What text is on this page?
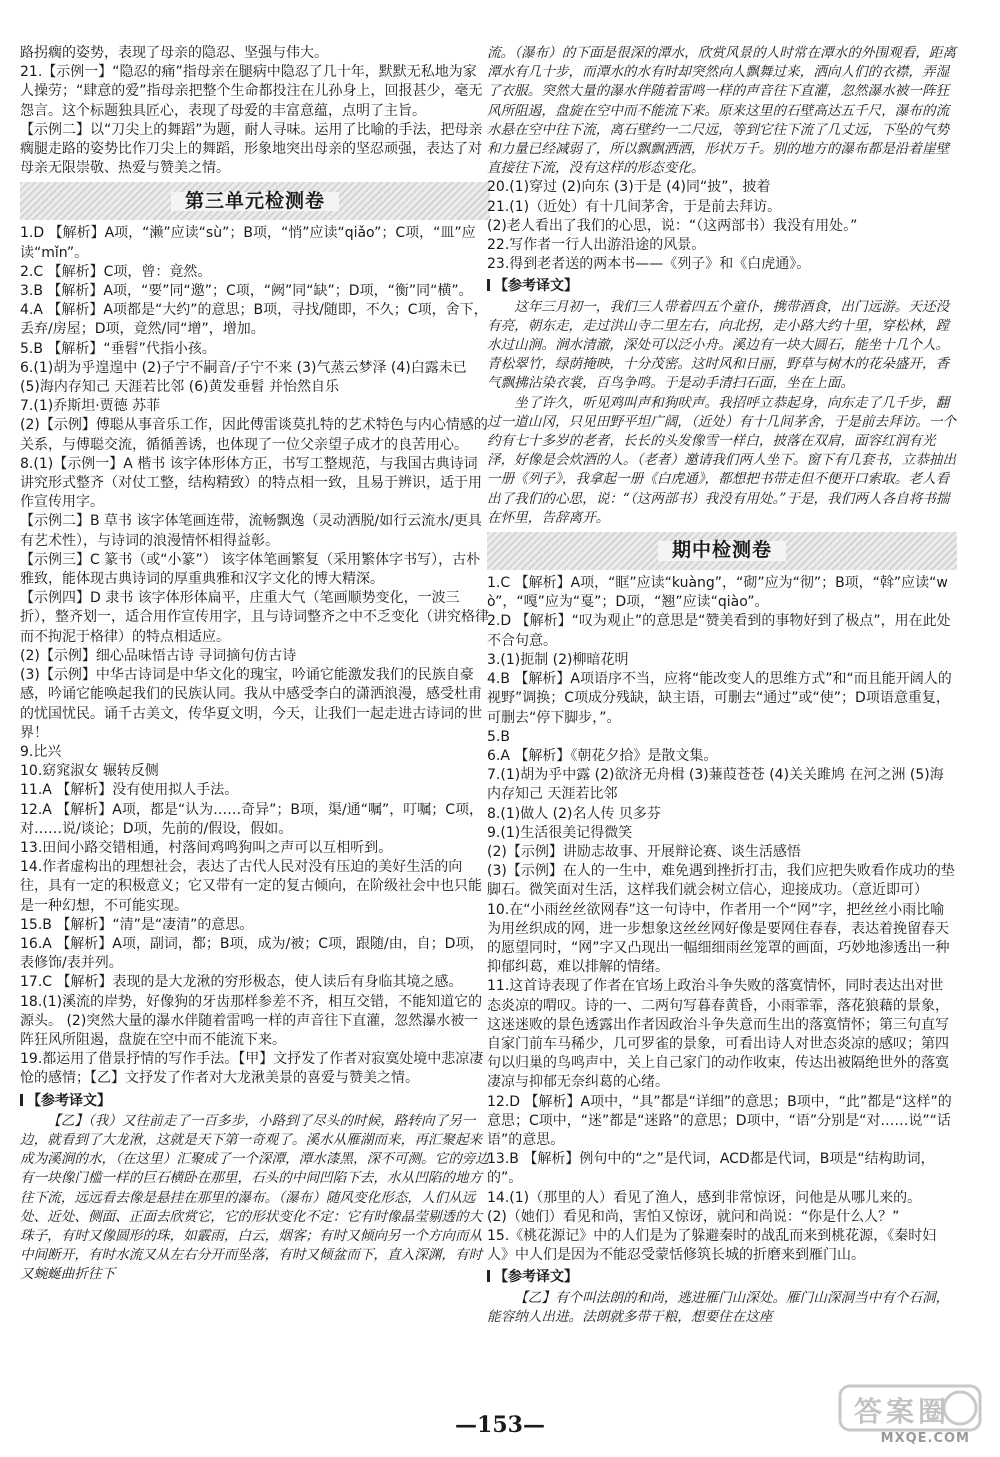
路拐瘸的姿势，表现了母亲的隐忍、坚强与伟大。

21.【示例一】“隐忍的痛”指母亲在腿病中隐忍了几十年，默默无私地为家人操劳；“肆意的爱”指母亲把整个生命都投注在儿孙身上，回报甚少，毫无怨言。这个标题独具匠心，表现了母爱的丰富意蕴，点明了主旨。

【示例二】以“刀尖上的舞蹈”为题，耐人寻味。运用了比喻的手法，把母亲瘸腿走路的姿势比作刀尖上的舞蹈，形象地突出母亲的坚忍顽强，表达了对母亲无限崇敬、热爱与赞美之情。

第三单元检测卷

1.D 【解析】A项，“濑”应读“sù”；B项，“悄”应读“qiǎo”；C项，“皿”应读“mǐn”。

2.C 【解析】C项，曾：竟然。

3.B 【解析】A项，“要”同“邀”；C项，“阙”同“缺”；D项，“衡”同“横”。

4.A 【解析】A项都是“大约”的意思；B项，寻找/随即，不久；C项，舍下，丢弃/房屋；D项，竟然/同“增”，增加。

5.B 【解析】“垂髫”代指小孩。

6.(1)胡为乎遑遑中 (2)子宁不嗣音/子宁不来 (3)气蒸云梦泽 (4)白露未已 (5)海内存知己 天涯若比邻 (6)黄发垂髫 并怡然自乐

7.(1)乔斯坦·贾德 苏菲

(2)【示例】傅聪从事音乐工作，因此傅雷谈莫扎特的艺术特色与内心情感的关系，与傅聪交流，循循善诱，也体现了一位父亲望子成才的良苦用心。

8.(1)【示例一】A 楷书 该字体形体方正，书写工整规范，与我国古典诗词讲究形式整齐（对仗工整，结构精致）的特点相一致，且易于辨识，适于用作宣传用字。

【示例二】B 草书 该字体笔画连带，流畅飘逸（灵动洒脱/如行云流水/更具有艺术性），与诗词的浪漫情怀相得益彰。

【示例三】C 篆书（或“小篆”） 该字体笔画繁复（采用繁体字书写），古朴雅致，能体现古典诗词的厚重典雅和汉字文化的博大精深。

【示例四】D 隶书 该字体形体扁平，庄重大气（笔画顺势变化，一波三折），整齐划一，适合用作宣传用字，且与诗词整齐之中不乏变化（讲究格律而不拘泥于格律）的特点相适应。

(2)【示例】细心品味悟古诗 寻词摘句仿古诗

(3)【示例】中华古诗词是中华文化的瑰宝，吟诵它能激发我们的民族自豪感，吟诵它能唤起我们的民族认同。我从中感受李白的潇洒浪漫，感受杜甫的忧国忧民。诵千古美文，传华夏文明，今天，让我们一起走进古诗词的世界！

9.比兴

10.窈窕淑女 辗转反侧

11.A 【解析】没有使用拟人手法。

12.A 【解析】A项，都是“认为……奇异”；B项，渠/通“嘱”，叮嘱；C项，对……说/谈论；D项，先前的/假设，假如。

13.田间小路交错相通，村落间鸡鸣狗叫之声可以互相听到。

14.作者虚构出的理想社会，表达了古代人民对没有压迫的美好生活的向往，具有一定的积极意义；它又带有一定的复古倾向，在阶级社会中也只能是一种幻想，不可能实现。

15.B 【解析】“清”是“凄清”的意思。

16.A 【解析】A项，副词，都；B项，成为/被；C项，跟随/由，自；D项，表修饰/表并列。

17.C 【解析】表现的是大龙湫的穷形极态，使人读后有身临其境之感。

18.(1)溪流的岸势，好像狗的牙齿那样参差不齐，相互交错，不能知道它的源头。 (2)突然大量的瀑水伴随着雷鸣一样的声音往下直灌，忽然瀑水被一阵狂风所阻遏，盘旋在空中而不能流下来。

19.都运用了借景抒情的写作手法。【甲】文抒发了作者对寂寞处境中悲凉凄怆的感情；【乙】文抒发了作者对大龙湫美景的喜爱与赞美之情。

【参考译文】

【乙】（我）又往前走了一百多步，小路到了尽头的时候，路转向了另一边，就看到了大龙湫，这就是天下第一奇观了。溪水从雁湖而来，再汇聚起来成为溪涧的水，（在这里）汇聚成了一个深潭，潭水漆黑，深不可测。它的旁边有一块像门槛一样的巨石横卧在那里，石头的中间凹陷下去，水从凹陷的地方往下流，远远看去像是悬挂在那里的瀑布。（瀑布）随风变化形态，人们从远处、近处、侧面、正面去欣赏它，它的形状变化不定：它有时像晶莹剔透的大珠子，有时又像圆形的珠，如霰雨，白云，烟客；有时又倾向另一个方向而从中间断开，有时水流又从左右分开而坠落，有时又倾盆而下，直入深渊，有时又蜿蜒曲折往下

流。（瀑布）的下面是很深的潭水，欣赏风景的人时常在潭水的外围观看，距离潭水有几十步，而潭水的水有时却突然向人飘舞过来，洒向人们的衣襟，弄湿了衣服。突然大量的瀑水伴随着雷鸣一样的声音往下直灌，忽然瀑水被一阵狂风所阻遏，盘旋在空中而不能流下来。原来这里的石壁高达五千尺，瀑布的流水悬在空中往下流，离石壁约一二尺远，等到它往下流了几丈远，下坠的气势和力量已经减弱了，所以飘飘洒洒，形状万千。别的地方的瀑布都是沿着崖壁直接往下流，没有这样的形态变化。

20.(1)穿过 (2)向东 (3)于是 (4)同“披”，披着

21.(1)（近处）有十几间茅舍，于是前去拜访。

(2)老人看出了我们的心思，说：“（这两部书）我没有用处。”

22.写作者一行人出游沿途的风景。

23.得到老者送的两本书——《列子》和《白虎通》。

【参考译文】

这年三月初一，我们三人带着四五个童仆，携带酒食，出门远游。天还没有亮，朝东走，走过洪山寺二里左右，向北拐，走小路大约十里，穿松林，蹚水过山涧。涧水清澈，深处可以泛小舟。溪边有一块大圆石，能坐十几个人。青松翠竹，绿荫掩映，十分茂密。这时风和日丽，野草与树木的花朵盛开，香气飘拂沾染衣裳，百鸟争鸣。于是动手清扫石面，坐在上面。

坐了许久，听见鸡叫声和狗吠声。我招呼立恭起身，向东走了几千步，翻过一道山冈，只见田野平坦广阔，（近处）有十几间茅舍，于是前去拜访。一个约有七十多岁的老者，长长的头发像雪一样白，披落在双肩，面容红润有光泽，好像是会炊酒的人。（老者）邀请我们两人坐下。窗下有几套书，立恭抽出一册《列子》，我拿起一册《白虎通》，都想把书带走但不便开口索取。老人看出了我们的心思，说：“（这两部书）我没有用处。”于是，我们两人各自将书揣在怀里，告辞离开。

期中检测卷

1.C 【解析】A项，“眶”应读“kuàng”，“砌”应为“彻”；B项，“斡”应读“wò”，“嘎”应为“戛”；D项，“翘”应读“qiào”。

2.D 【解析】“叹为观止”的意思是“赞美看到的事物好到了极点”，用在此处不合句意。

3.(1)扼制 (2)柳暗花明

4.B 【解析】A项语序不当，应将“能改变人的思维方式”和“而且能开阔人的视野”调换；C项成分残缺，缺主语，可删去“通过”或“使”；D项语意重复，可删去“停下脚步，”。

5.B

6.A 【解析】《朝花夕拾》是散文集。

7.(1)胡为乎中露 (2)欲济无舟楫 (3)蒹葭苍苍 (4)关关雎鸠 在河之洲 (5)海内存知己 天涯若比邻

8.(1)做人 (2)名人传 贝多芬

9.(1)生活很美记得微笑

(2)【示例】讲励志故事、开展辩论赛、谈生活感悟

(3)【示例】在人的一生中，难免遇到挫折打击，我们应把失败看作成功的垫脚石。微笑面对生活，这样我们就会树立信心，迎接成功。（意近即可）

10.在“小雨丝丝欲网春”这一句诗中，作者用一个“网”字，把丝丝小雨比喻为用丝织成的网，进一步想象这丝丝网好像是要网住春春，表达着挽留春天的愿望同时，“网”字又凸现出一幅细细雨丝笼罩的画面，巧妙地渗透出一种抑郁纠葛，难以排解的情绪。

11.这首诗表现了作者在官场上政治斗争失败的落寞情怀，同时表达出对世态炎凉的喟叹。诗的一、二两句写暮春黄昏，小雨霏霏，落花狼藉的景象，这迷迷败的景色透露出作者因政治斗争失意而生出的落寞情怀；第三句直写自家门前车马稀少，几可罗雀的景象，可看出诗人对世态炎凉的感叹；第四句以归巢的鸟鸣声中，关上自己家门的动作收束，传达出被隔绝世外的落寞凄凉与抑郁无奈纠葛的心绪。

12.D 【解析】A项中，“具”都是“详细”的意思；B项中，“此”都是“这样”的意思；C项中，“迷”都是“迷路”的意思；D项中，“语”分别是“对……说”“话语”的意思。

13.B 【解析】例句中的“之”是代词，ACD都是代词，B项是“结构助词，的”。

14.(1)（那里的人）看见了渔人，感到非常惊讶，问他是从哪儿来的。

(2)（她们）看见和尚，害怕又惊讶，就问和尚说：“你是什么人？”

15.《桃花源记》中的人们是为了躲避秦时的战乱而来到桃花源，《秦时妇人》中人们是因为不能忍受蒙恬修筑长城的折磨来到雁门山。

【参考译文】

【乙】有个叫法朗的和尚，逃进雁门山深处。雁门山深洞当中有个石洞，能容纳人出进。法朗就多带干粮，想要住在这座

—153—	答案圈
MXQE.COM
